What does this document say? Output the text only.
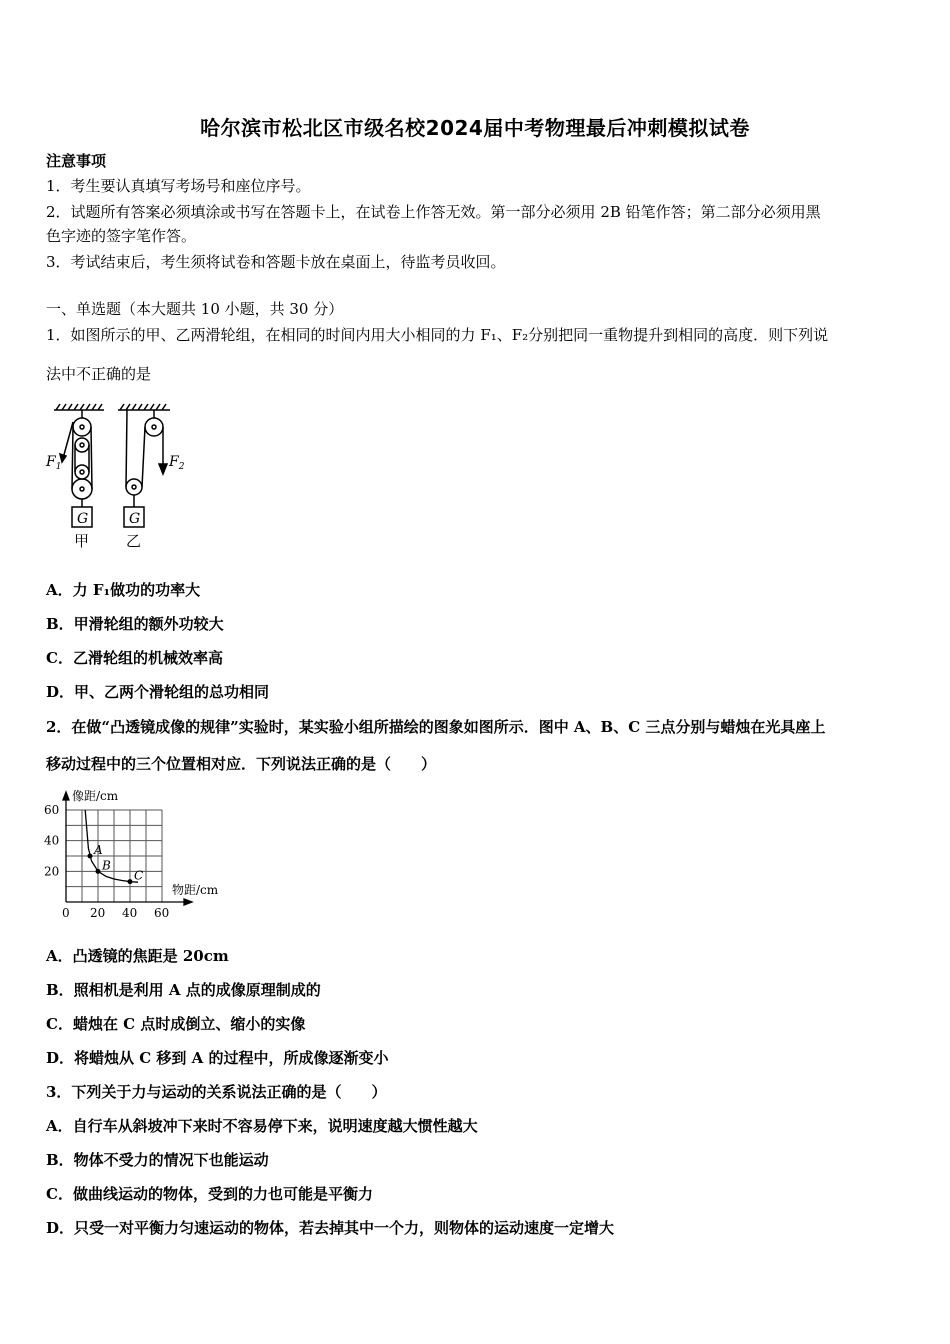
哈尔滨市松北区市级名校2024届中考物理最后冲刺模拟试卷
注意事项
1．考生要认真填写考场号和座位序号。
2．试题所有答案必须填涂或书写在答题卡上，在试卷上作答无效。第一部分必须用 2B 铅笔作答；第二部分必须用黑
色字迹的签字笔作答。
3．考试结束后，考生须将试卷和答题卡放在桌面上，待监考员收回。
一、单选题（本大题共 10 小题，共 30 分）
1．如图所示的甲、乙两滑轮组，在相同的时间内用大小相同的力 F₁、F₂分别把同一重物提升到相同的高度．则下列说
法中不正确的是
$F_1$	$F_2$
G	G
甲 乙
A．力 F₁做功的功率大
B．甲滑轮组的额外功较大
C．乙滑轮组的机械效率高
D．甲、乙两个滑轮组的总功相同
2．在做“凸透镜成像的规律”实验时，某实验小组所描绘的图象如图所示．图中 A、B、C 三点分别与蜡烛在光具座上
移动过程中的三个位置相对应．下列说法正确的是（　　）
A
B
C
0 20 40 60
20
40
60
像距/cm
物距/cm
A．凸透镜的焦距是 20cm
B．照相机是利用 A 点的成像原理制成的
C．蜡烛在 C 点时成倒立、缩小的实像
D．将蜡烛从 C 移到 A 的过程中，所成像逐渐变小
3．下列关于力与运动的关系说法正确的是（　　）
A．自行车从斜坡冲下来时不容易停下来，说明速度越大惯性越大
B．物体不受力的情况下也能运动
C．做曲线运动的物体，受到的力也可能是平衡力
D．只受一对平衡力匀速运动的物体，若去掉其中一个力，则物体的运动速度一定增大
